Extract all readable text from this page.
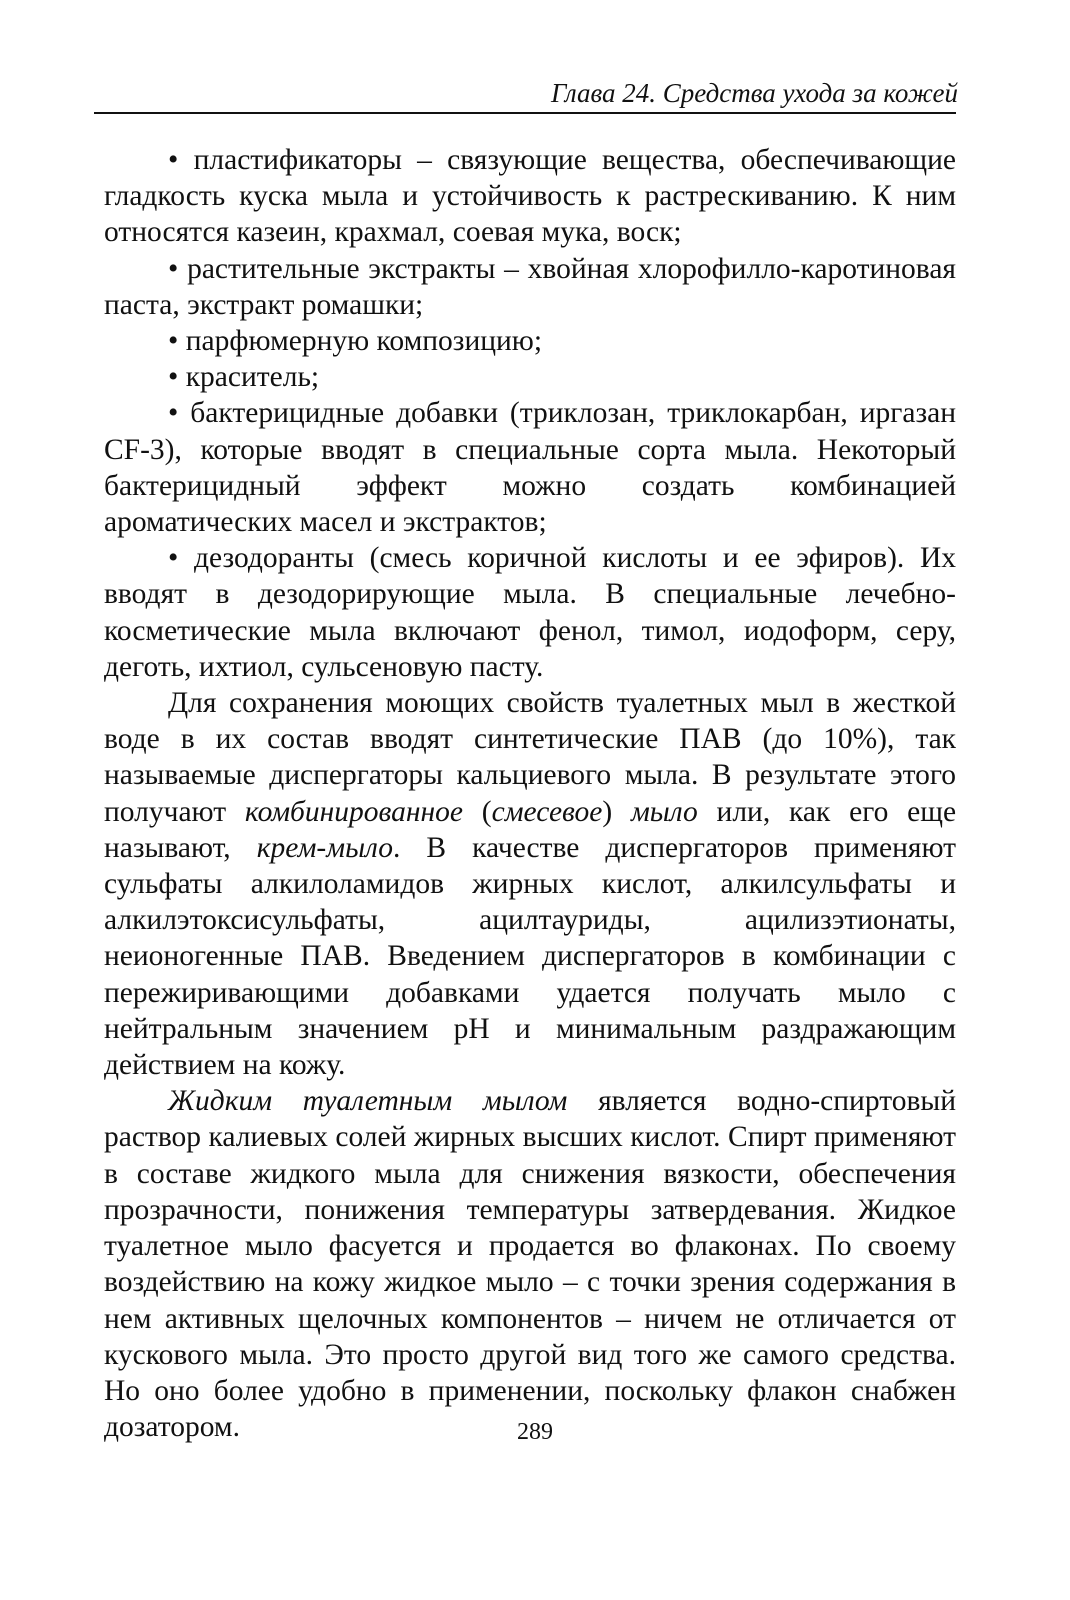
Глава 24. Средства ухода за кожей

• пластификаторы – связующие вещества, обеспечивающие гладкость куска мыла и устойчивость к растрескиванию. К ним относятся казеин, крахмал, соевая мука, воск;

• растительные экстракты – хвойная хлорофилло-каротиновая паста, экстракт ромашки;

• парфюмерную композицию;

• краситель;

• бактерицидные добавки (триклозан, триклокарбан, иргазан CF-3), которые вводят в специальные сорта мыла. Некоторый бактерицидный эффект можно создать комбинацией ароматических масел и экстрактов;

• дезодоранты (смесь коричной кислоты и ее эфиров). Их вводят в дезодорирующие мыла. В специальные лечебно-косметические мыла включают фенол, тимол, иодоформ, серу, деготь, ихтиол, сульсеновую пасту.

Для сохранения моющих свойств туалетных мыл в жесткой воде в их состав вводят синтетические ПАВ (до 10%), так называемые диспергаторы кальциевого мыла. В результате этого получают комбинированное (смесевое) мыло или, как его еще называют, крем-мыло. В качестве диспергаторов применяют сульфаты алкилоламидов жирных кислот, алкилсульфаты и алкилэтоксисульфаты, ацилтауриды, ацилизэтионаты, неионогенные ПАВ. Введением диспергаторов в комбинации с пережиривающими добавками удается получать мыло с нейтральным значением pH и минимальным раздражающим действием на кожу.

Жидким туалетным мылом является водно-спиртовый раствор калиевых солей жирных высших кислот. Спирт применяют в составе жидкого мыла для снижения вязкости, обеспечения прозрачности, понижения температуры затвердевания. Жидкое туалетное мыло фасуется и продается во флаконах. По своему воздействию на кожу жидкое мыло – с точки зрения содержания в нем активных щелочных компонентов – ничем не отличается от кускового мыла. Это просто другой вид того же самого средства. Но оно более удобно в применении, поскольку флакон снабжен дозатором.	289
